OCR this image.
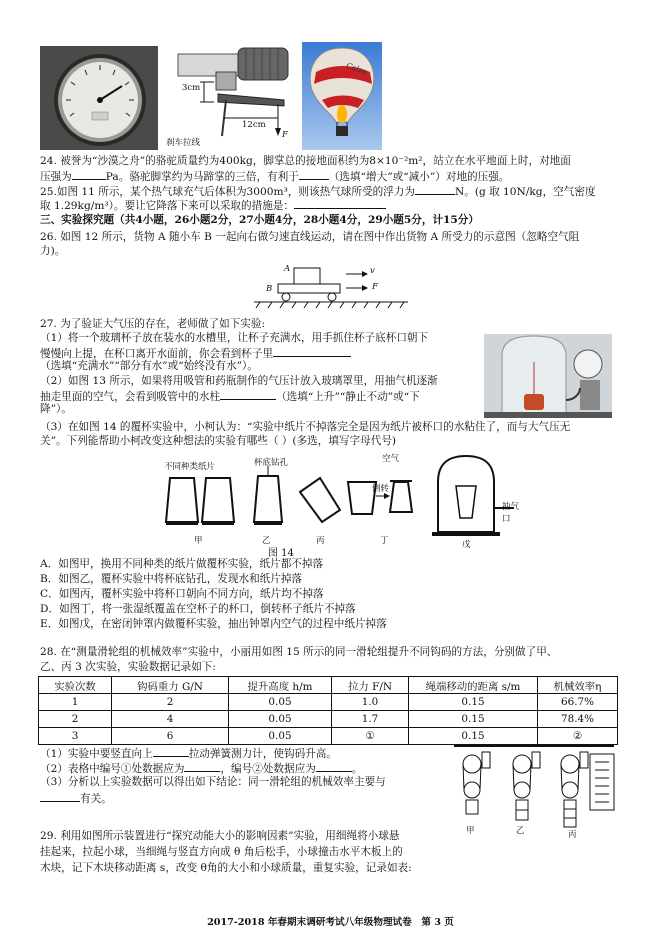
3cm
12cm
F
刹车拉线
Calzo
24. 被誉为“沙漠之舟”的骆驼质量约为400kg，脚掌总的接地面积约为8×10⁻²m²，站立在水平地面上时，对地面
压强为	Pa。骆驼脚掌约为马蹄掌的三倍，有利于	（选填“增大”或“减小”）对地的压强。
25.如图 11 所示，某个热气球充气后体积为3000m³，则该热气球所受的浮力为	N。(g 取 10N/kg，空气密度
取 1.29kg/m³）。要让它降落下来可以采取的措施是：
三、实验探究题（共4小题，26小题2分，27小题4分，28小题4分，29小题5分，计15分）
26. 如图 12 所示，货物 A 随小车 B 一起向右做匀速直线运动，请在图中作出货物 A 所受力的示意图（忽略空气阻
力)。
A
B
v
F
27. 为了验证大气压的存在，老师做了如下实验:
（1）将一个玻璃杯子放在装水的水槽里，让杯子充满水，用手抓住杯子底杯口朝下
慢慢向上提，在杯口离开水面前，你会看到杯子里
（选填“充满水”“部分有水”或“始终没有水”）。
（2）如图 13 所示，如果将用吸管和药瓶制作的气压计放入玻璃罩里，用抽气机逐渐
抽走里面的空气，会看到吸管中的水柱	（选填“上升”“静止不动”或“下
降”）。
（3）在如图 14 的覆杯实验中，小柯认为：“实验中纸片不掉落完全是因为纸片被杯口的水粘住了，而与大气压无
关”。下列能帮助小柯改变这种想法的实验有哪些（ ）(多选，填写字母代号)
不同种类纸片	杯底钻孔	空气
倒转
抽气口
甲	乙	丙	丁	戊
图 14
A．如图甲，换用不同种类的纸片做覆杯实验，纸片都不掉落
B．如图乙，覆杯实验中将杯底钻孔，发现水和纸片掉落
C．如图丙，覆杯实验中将杯口朝向不同方向，纸片均不掉落
D．如图丁，将一张湿纸覆盖在空杯子的杯口，倒转杯子纸片不掉落
E．如图戊，在密闭钟罩内做覆杯实验，抽出钟罩内空气的过程中纸片掉落
28. 在“测量滑轮组的机械效率”实验中，小丽用如图 15 所示的同一滑轮组提升不同钩码的方法，分别做了甲、
乙、丙 3 次实验，实验数据记录如下:
实验次数	钩码重力 G/N	提升高度 h/m	拉力 F/N	绳端移动的距离 s/m	机械效率η
1	2	0.05	1.0	0.15	66.7%
2	4	0.05	1.7	0.15	78.4%
3	6	0.05	①	0.15	②
（1）实验中要竖直向上	拉动弹簧测力计，使钩码升高。
（2）表格中编号①处数据应为	，编号②处数据应为	。
（3）分析以上实验数据可以得出如下结论：同一滑轮组的机械效率主要与
有关。
甲	乙	丙
29. 利用如图所示装置进行“探究动能大小的影响因素”实验，用细绳将小球悬
挂起来，拉起小球，当细绳与竖直方向成 θ 角后松手，小球撞击水平木板上的
木块，记下木块移动距离 s，改变 θ角的大小和小球质量，重复实验，记录如表:
2017-2018 年春期末调研考试八年级物理试卷　第 3 页
